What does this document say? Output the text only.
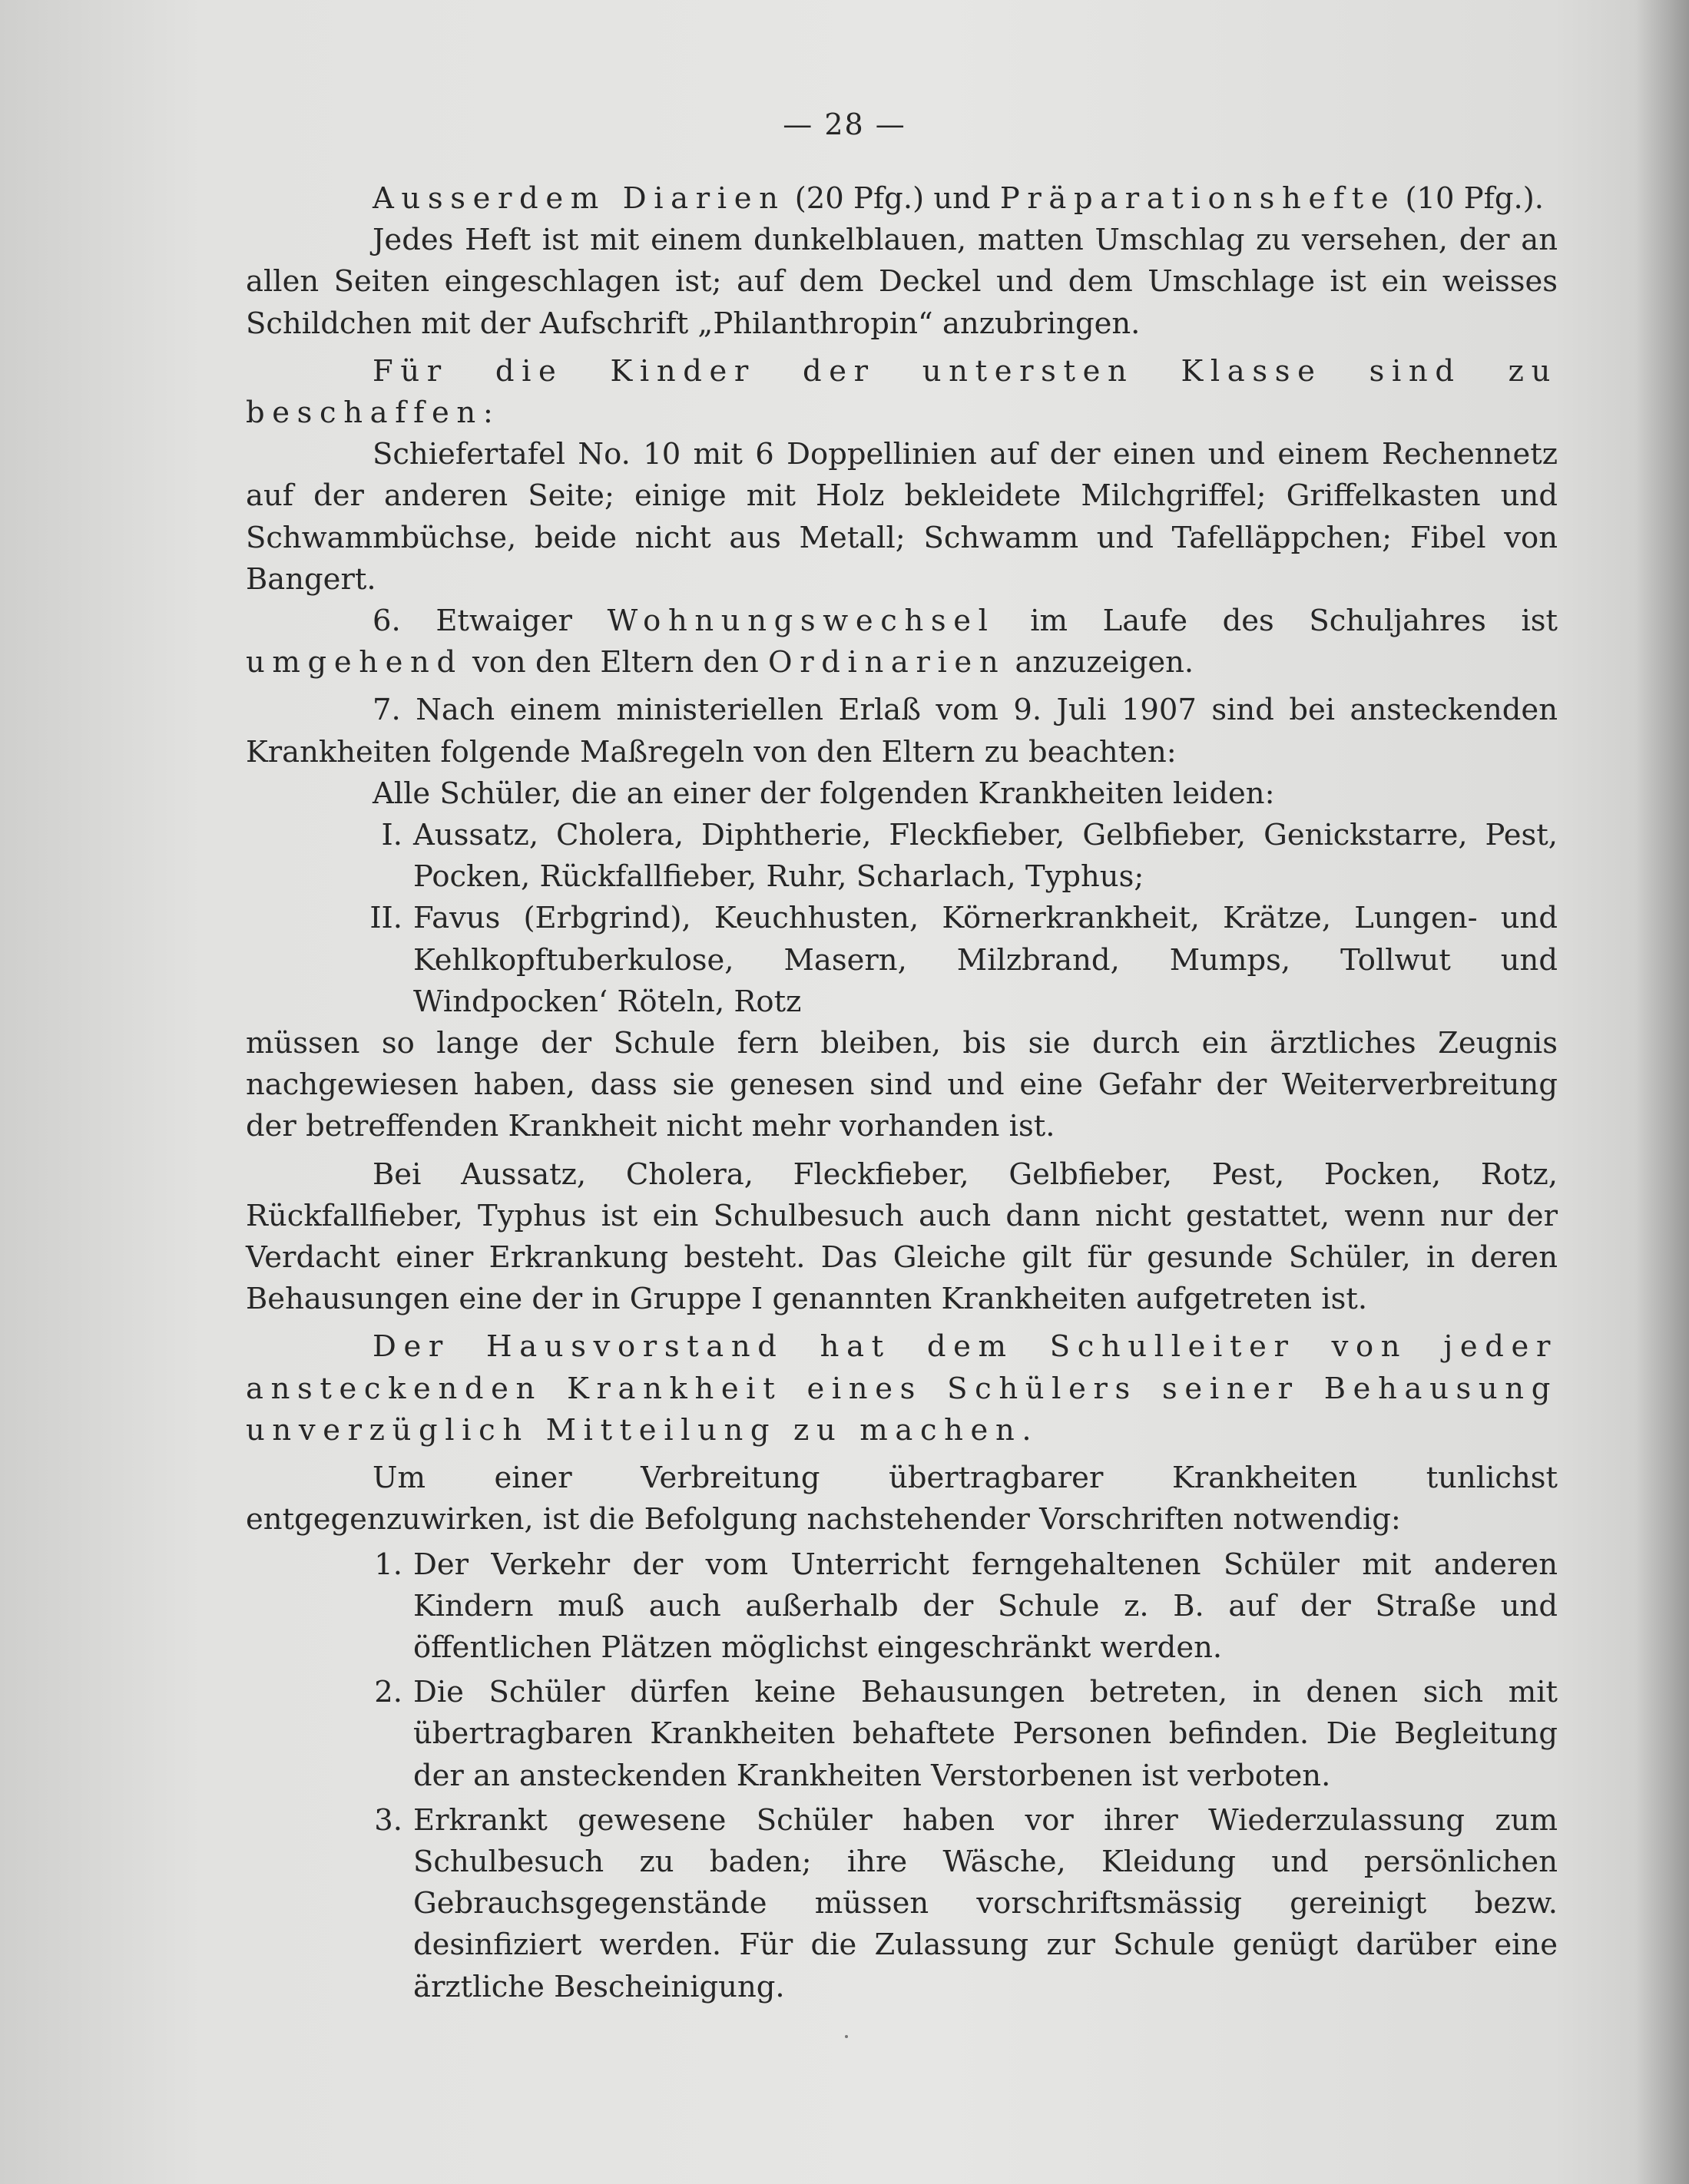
— 28 —

Ausserdem Diarien (20 Pfg.) und Präparationshefte (10 Pfg.).

Jedes Heft ist mit einem dunkelblauen, matten Umschlag zu versehen, der an allen Seiten eingeschlagen ist; auf dem Deckel und dem Umschlage ist ein weisses Schildchen mit der Aufschrift „Philanthropin“ anzubringen.

Für die Kinder der untersten Klasse sind zu beschaffen:

Schiefertafel No. 10 mit 6 Doppellinien auf der einen und einem Rechennetz auf der anderen Seite; einige mit Holz bekleidete Milchgriffel; Griffelkasten und Schwammbüchse, beide nicht aus Metall; Schwamm und Tafelläppchen; Fibel von Bangert.

6. Etwaiger Wohnungswechsel im Laufe des Schuljahres ist umgehend von den Eltern den Ordinarien anzuzeigen.

7. Nach einem ministeriellen Erlaß vom 9. Juli 1907 sind bei ansteckenden Krankheiten folgende Maßregeln von den Eltern zu beachten:

Alle Schüler, die an einer der folgenden Krankheiten leiden:

I. Aussatz, Cholera, Diphtherie, Fleckfieber, Gelbfieber, Genickstarre, Pest, Pocken, Rückfallfieber, Ruhr, Scharlach, Typhus;
II. Favus (Erbgrind), Keuchhusten, Körnerkrankheit, Krätze, Lungen- und Kehlkopftuberkulose, Masern, Milzbrand, Mumps, Tollwut und Windpocken‘ Röteln, Rotz

müssen so lange der Schule fern bleiben, bis sie durch ein ärztliches Zeugnis nachgewiesen haben, dass sie genesen sind und eine Gefahr der Weiterverbreitung der betreffenden Krankheit nicht mehr vorhanden ist.

Bei Aussatz, Cholera, Fleckfieber, Gelbfieber, Pest, Pocken, Rotz, Rückfallfieber, Typhus ist ein Schulbesuch auch dann nicht gestattet, wenn nur der Verdacht einer Erkrankung besteht. Das Gleiche gilt für gesunde Schüler, in deren Behausungen eine der in Gruppe I genannten Krankheiten aufgetreten ist.

Der Hausvorstand hat dem Schulleiter von jeder ansteckenden Krankheit eines Schülers seiner Behausung unverzüglich Mitteilung zu machen.

Um einer Verbreitung übertragbarer Krankheiten tunlichst entgegenzuwirken, ist die Befolgung nachstehender Vorschriften notwendig:

1. Der Verkehr der vom Unterricht ferngehaltenen Schüler mit anderen Kindern muß auch außerhalb der Schule z. B. auf der Straße und öffentlichen Plätzen möglichst eingeschränkt werden.
2. Die Schüler dürfen keine Behausungen betreten, in denen sich mit übertragbaren Krankheiten behaftete Personen befinden. Die Begleitung der an ansteckenden Krankheiten Verstorbenen ist verboten.
3. Erkrankt gewesene Schüler haben vor ihrer Wiederzulassung zum Schulbesuch zu baden; ihre Wäsche, Kleidung und persönlichen Gebrauchsgegenstände müssen vorschriftsmässig gereinigt bezw. desinfiziert werden. Für die Zulassung zur Schule genügt darüber eine ärztliche Bescheinigung.
